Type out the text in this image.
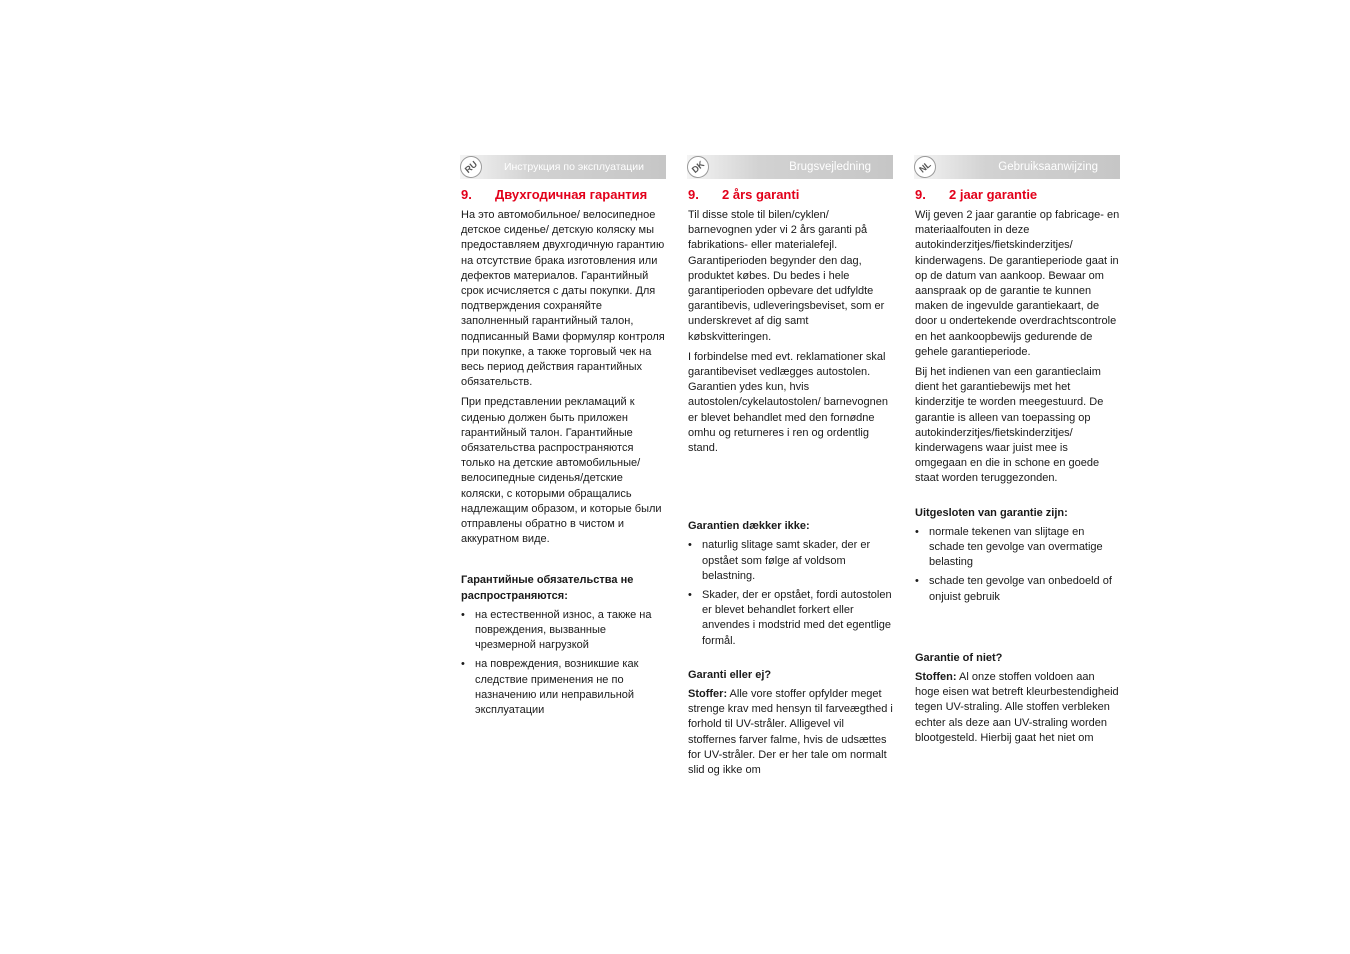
RU	Инструкция по эксплуатации
9. Двухгодичная гарантия

На это автомобильное/ велосипедное детское сиденье/ детскую коляску мы предоставляем двухгодичную гарантию на отсутствие брака изготовления или дефектов материалов. Гарантийный срок исчисляется с даты покупки. Для подтверждения сохраняйте заполненный гарантийный талон, подписанный Вами формуляр контроля при покупке, а также торговый чек на весь период действия гарантийных обязательств.

При представлении рекламаций к сиденью должен быть приложен гарантийный талон. Гарантийные обязательства распространяются только на детские автомобильные/ велосипедные сиденья/детские коляски, с которыми обращались надлежащим образом, и которые были отправлены обратно в чистом и аккуратном виде.

Гарантийные обязательства не распространяются:
• на естественной износ, а также на повреждения, вызванные чрезмерной нагрузкой
• на повреждения, возникшие как следствие применения не по назначению или неправильной эксплуатации
DK	Brugsvejledning
9. 2 års garanti

Til disse stole til bilen/cyklen/ barnevognen yder vi 2 års garanti på fabrikations- eller materialefejl. Garantiperioden begynder den dag, produktet købes. Du bedes i hele garantiperioden opbevare det udfyldte garantibevis, udleveringsbeviset, som er underskrevet af dig samt købskvitteringen.

I forbindelse med evt. reklamationer skal garantibeviset vedlægges autostolen. Garantien ydes kun, hvis autostolen/cykelautostolen/ barnevognen er blevet behandlet med den fornødne omhu og returneres i ren og ordentlig stand.

Garantien dækker ikke:
• naturlig slitage samt skader, der er opstået som følge af voldsom belastning.
• Skader, der er opstået, fordi autostolen er blevet behandlet forkert eller anvendes i modstrid med det egentlige formål.
Garanti eller ej?

Stoffer: Alle vore stoffer opfylder meget strenge krav med hensyn til farveægthed i forhold til UV-stråler. Alligevel vil stoffernes farver falme, hvis de udsættes for UV-stråler. Der er her tale om normalt slid og ikke om

NL	Gebruiksaanwijzing
9. 2 jaar garantie

Wij geven 2 jaar garantie op fabricage- en materiaalfouten in deze autokinderzitjes/fietskinderzitjes/ kinderwagens. De garantieperiode gaat in op de datum van aankoop. Bewaar om aanspraak op de garantie te kunnen maken de ingevulde garantiekaart, de door u ondertekende overdrachtscontrole en het aankoopbewijs gedurende de gehele garantieperiode.

Bij het indienen van een garantieclaim dient het garantiebewijs met het kinderzitje te worden meegestuurd. De garantie is alleen van toepassing op autokinderzitjes/fietskinderzitjes/ kinderwagens waar juist mee is omgegaan en die in schone en goede staat worden teruggezonden.

Uitgesloten van garantie zijn:
• normale tekenen van slijtage en schade ten gevolge van overmatige belasting
• schade ten gevolge van onbedoeld of onjuist gebruik
Garantie of niet?

Stoffen: Al onze stoffen voldoen aan hoge eisen wat betreft kleurbestendigheid tegen UV-straling. Alle stoffen verbleken echter als deze aan UV-straling worden blootgesteld. Hierbij gaat het niet om
